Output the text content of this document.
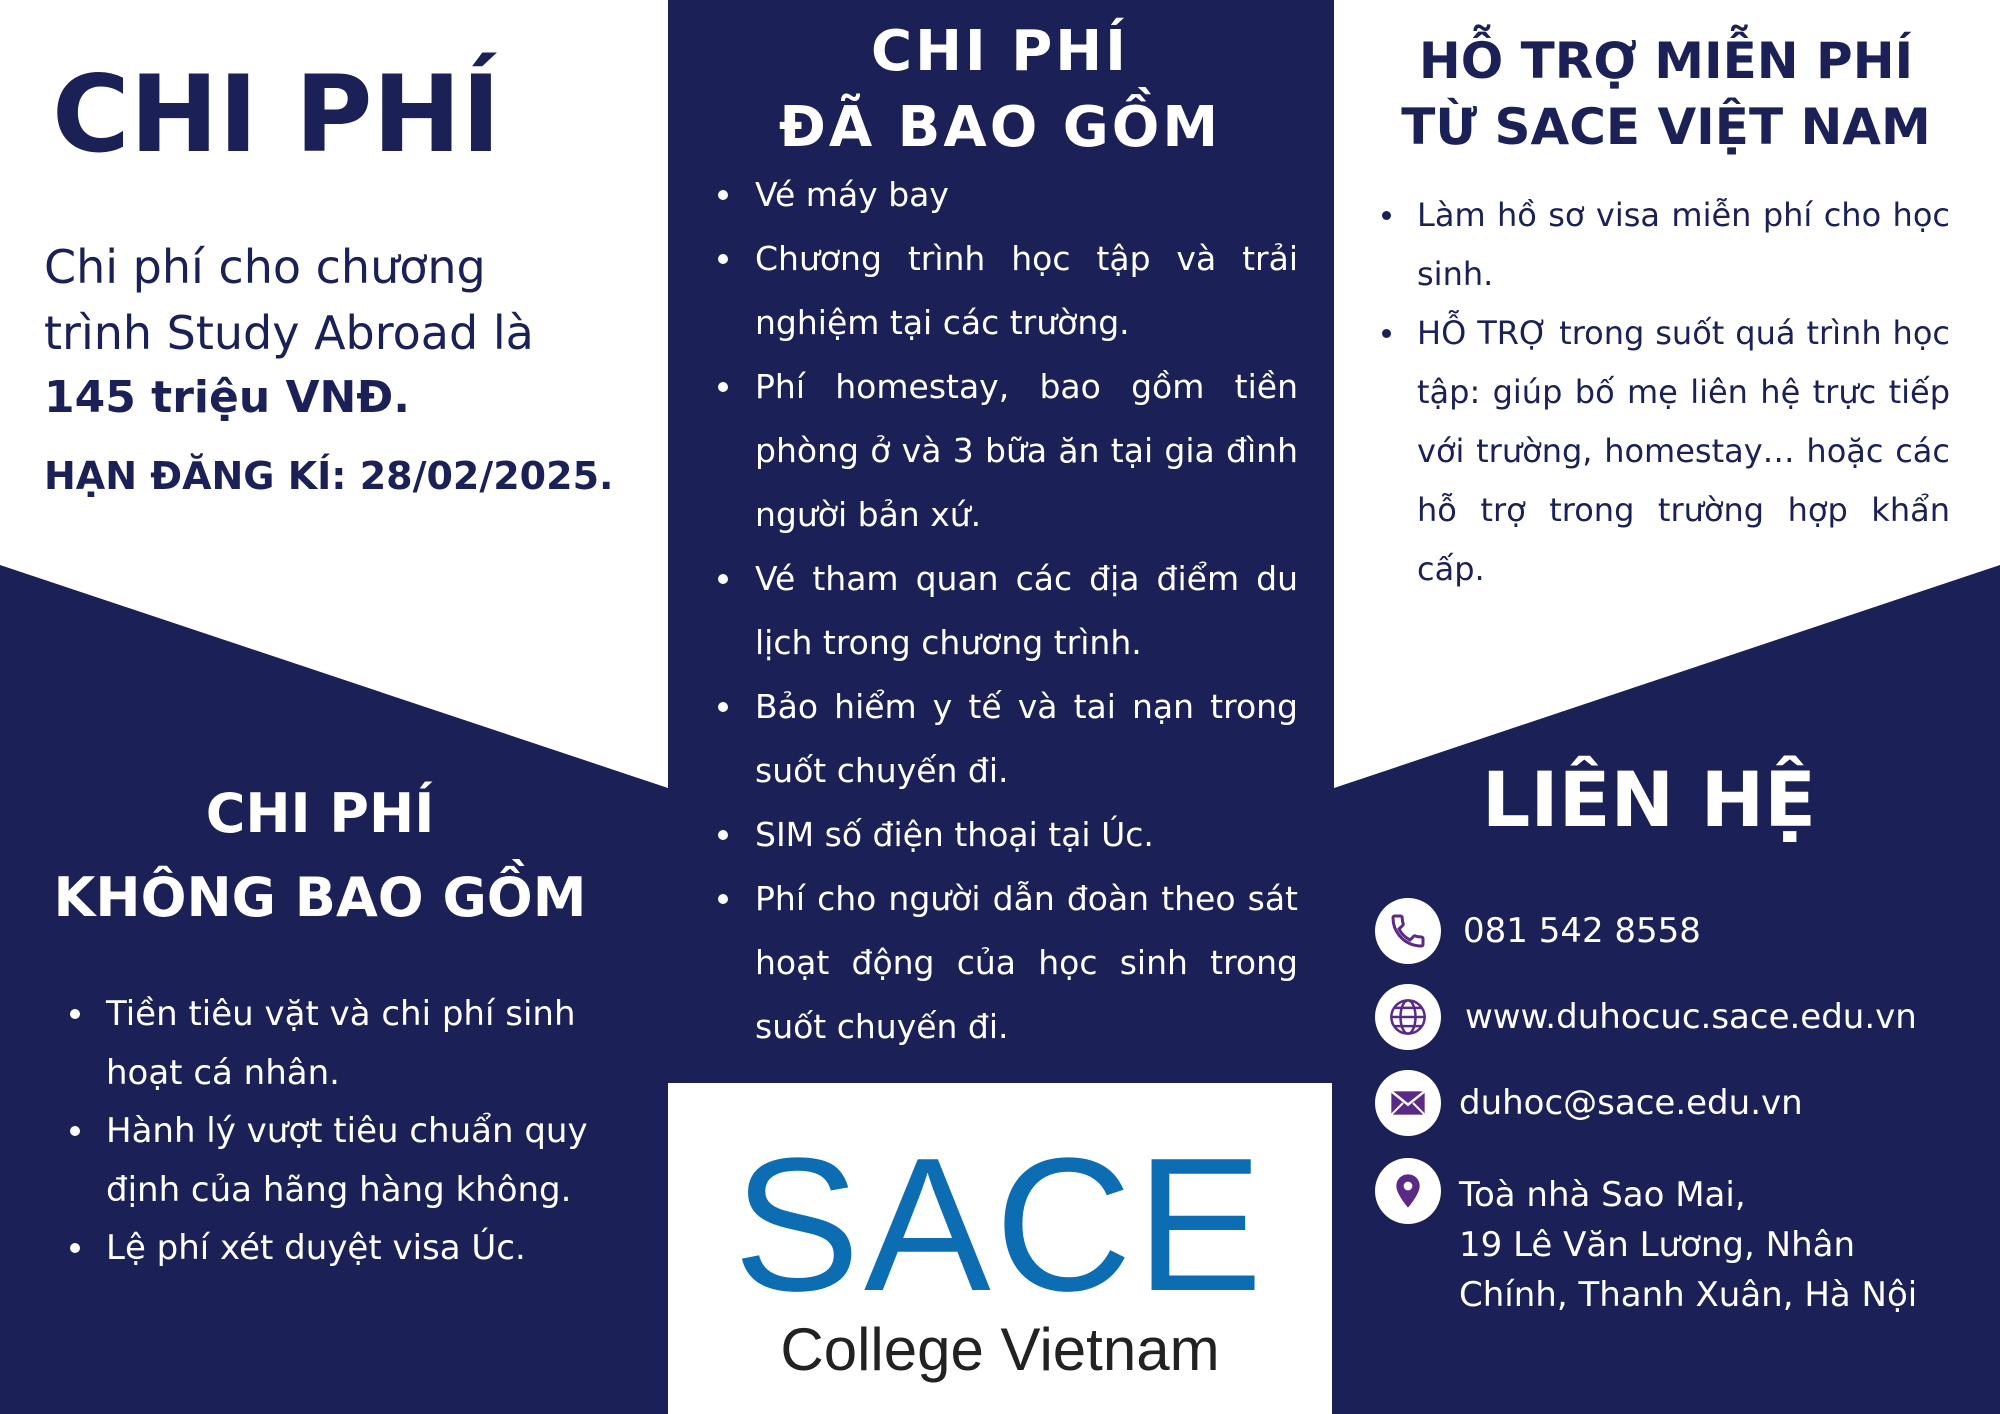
CHI PHÍ
Chi phí cho chương trình Study Abroad là
145 triệu VNĐ.
HẠN ĐĂNG KÍ: 28/02/2025.
CHI PHÍ
KHÔNG BAO GỒM
Tiền tiêu vặt và chi phí sinh hoạt cá nhân.
Hành lý vượt tiêu chuẩn quy định của hãng hàng không.
Lệ phí xét duyệt visa Úc.
CHI PHÍ
ĐÃ BAO GỒM
Vé máy bay
Chương trình học tập và trải nghiệm tại các trường.
Phí homestay, bao gồm tiền phòng ở và 3 bữa ăn tại gia đình người bản xứ.
Vé tham quan các địa điểm du lịch trong chương trình.
Bảo hiểm y tế và tai nạn trong suốt chuyến đi.
SIM số điện thoại tại Úc.
Phí cho người dẫn đoàn theo sát hoạt động của học sinh trong suốt chuyến đi.
SACE
College Vietnam
HỖ TRỢ MIỄN PHÍ
TỪ SACE VIỆT NAM
Làm hồ sơ visa miễn phí cho học sinh.
HỖ TRỢ trong suốt quá trình học tập: giúp bố mẹ liên hệ trực tiếp với trường, homestay… hoặc các hỗ trợ trong trường hợp khẩn cấp.
LIÊN HỆ
081 542 8558
www.duhocuc.sace.edu.vn
duhoc@sace.edu.vn
Toà nhà Sao Mai,
19 Lê Văn Lương, Nhân
Chính, Thanh Xuân, Hà Nội
